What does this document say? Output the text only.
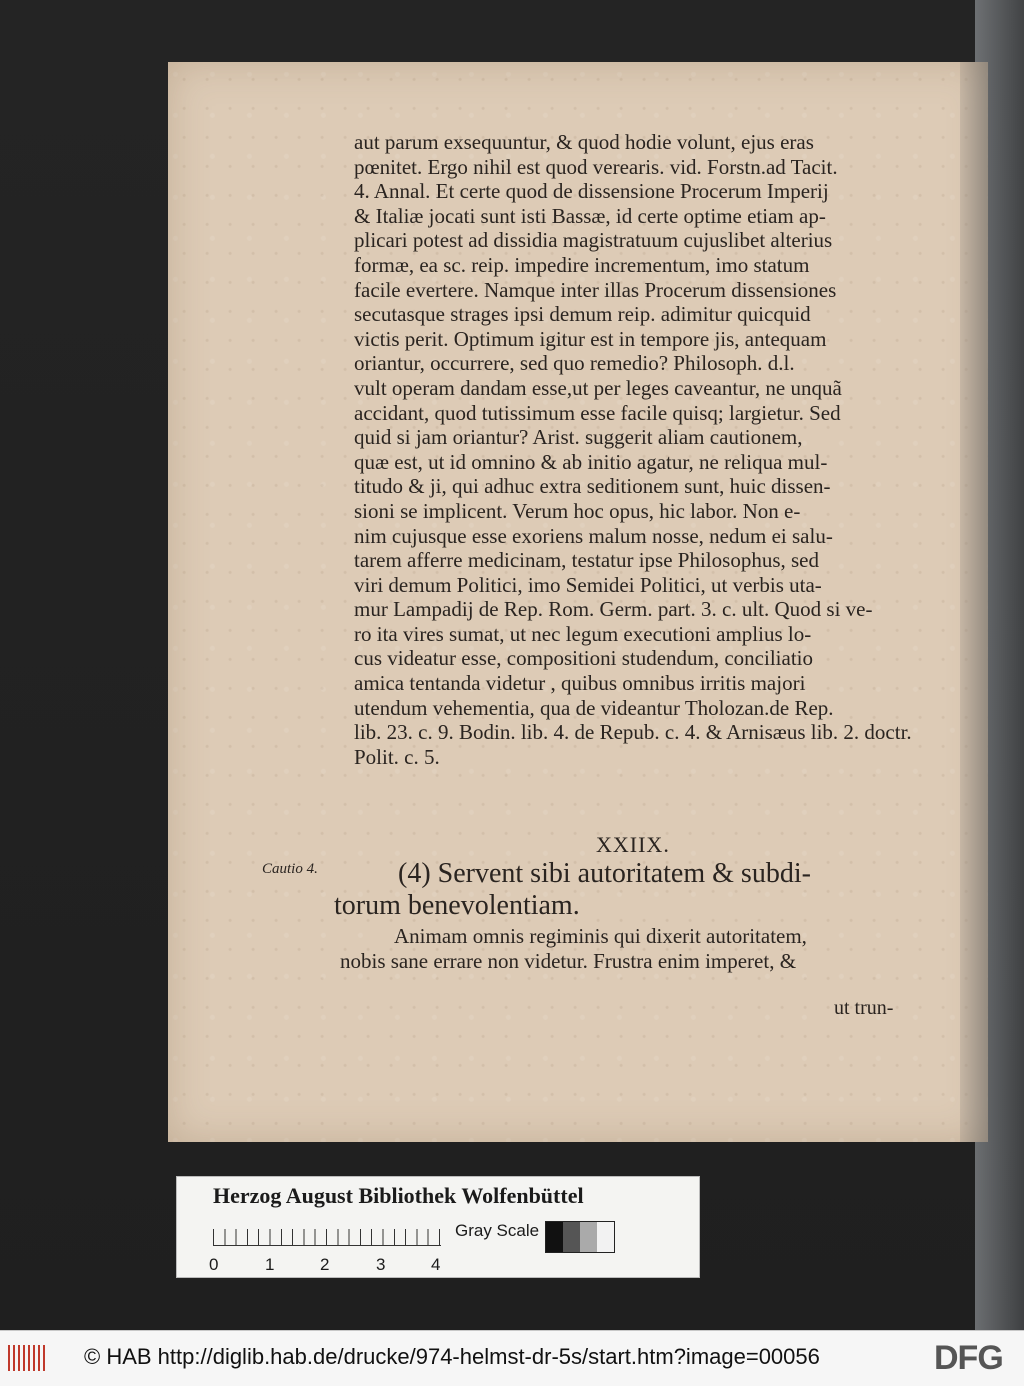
aut parum exsequuntur, & quod hodie volunt, ejus eras
pœnitet. Ergo nihil est quod verearis. vid. Forstn.ad Tacit.
4. Annal. Et certe quod de dissensione Procerum Imperij
& Italiæ jocati sunt isti Bassæ, id certe optime etiam ap-
plicari potest ad dissidia magistratuum cujuslibet alterius
formæ, ea sc. reip. impedire incrementum, imo statum
facile evertere. Namque inter illas Procerum dissensiones
secutasque strages ipsi demum reip. adimitur quicquid
victis perit. Optimum igitur est in tempore jis, antequam
oriantur, occurrere, sed quo remedio? Philosoph. d.l.
vult operam dandam esse,ut per leges caveantur, ne unquã
accidant, quod tutissimum esse facile quisq; largietur. Sed
quid si jam oriantur? Arist. suggerit aliam cautionem,
quæ est, ut id omnino & ab initio agatur, ne reliqua mul-
titudo & ji, qui adhuc extra seditionem sunt, huic dissen-
sioni se implicent. Verum hoc opus, hic labor. Non e-
nim cujusque esse exoriens malum nosse, nedum ei salu-
tarem afferre medicinam, testatur ipse Philosophus, sed
viri demum Politici, imo Semidei Politici, ut verbis uta-
mur Lampadij de Rep. Rom. Germ. part. 3. c. ult. Quod si ve-
ro ita vires sumat, ut nec legum executioni amplius lo-
cus videatur esse, compositioni studendum, conciliatio
amica tentanda videtur , quibus omnibus irritis majori
utendum vehementia, qua de videantur Tholozan.de Rep.
lib. 23. c. 9. Bodin. lib. 4. de Repub. c. 4. & Arnisæus lib. 2. doctr.
Polit. c. 5.
XXIIX.
Cautio 4.	(4) Servent sibi autoritatem & subdi-
torum benevolentiam.
Animam omnis regiminis qui dixerit autoritatem,
nobis sane errare non videtur. Frustra enim imperet, &
ut trun-
Herzog August Bibliothek Wolfenbüttel
0	1	2	3	4
Gray Scale
© HAB http://diglib.hab.de/drucke/974-helmst-dr-5s/start.htm?image=00056	DFG
